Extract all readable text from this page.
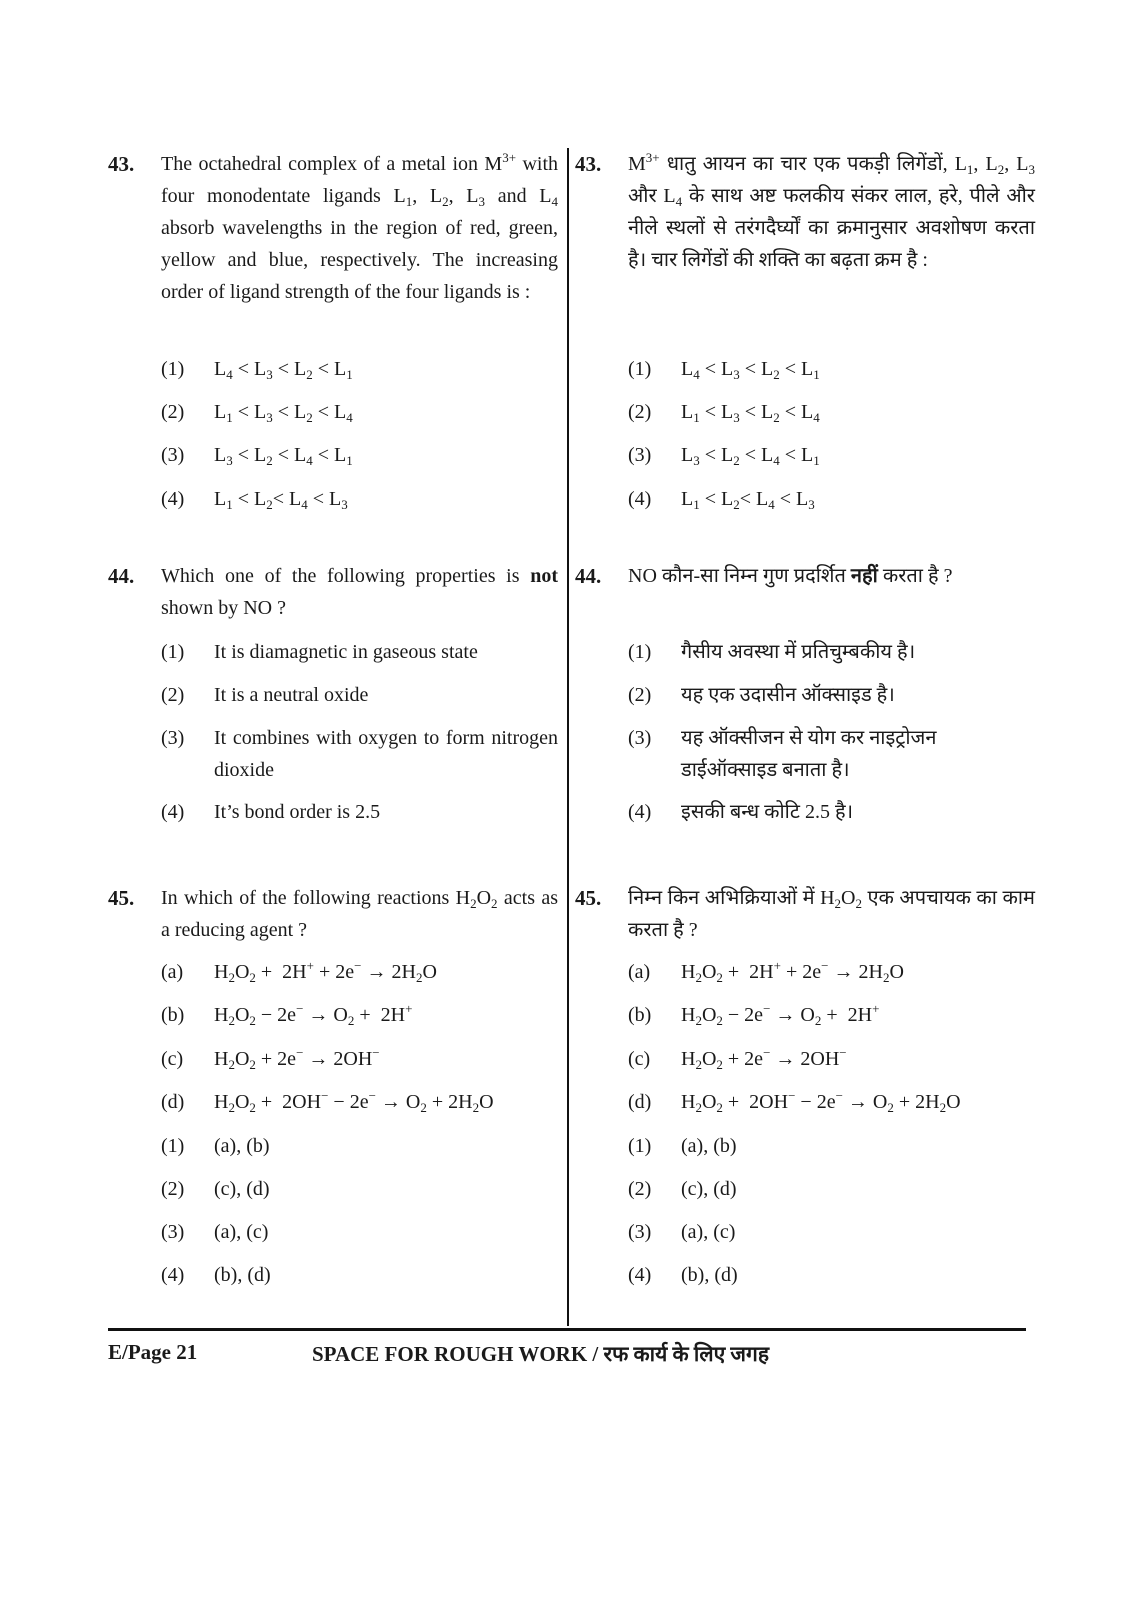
43. The octahedral complex of a metal ion $M^{3+}$ with four monodentate ligands $L_1$, $L_2$, $L_3$ and $L_4$ absorb wavelengths in the region of red, green, yellow and blue, respectively. The increasing order of ligand strength of the four ligands is :
(1) $L_4 < L_3 < L_2 < L_1$
(2) $L_1 < L_3 < L_2 < L_4$
(3) $L_3 < L_2 < L_4 < L_1$
(4) $L_1 < L_2< L_4 < L_3$
44. Which one of the following properties is not shown by NO ?
(1) It is diamagnetic in gaseous state
(2) It is a neutral oxide
(3) It combines with oxygen to form nitrogen dioxide
(4) It’s bond order is 2.5
45. In which of the following reactions $H_2O_2$ acts as a reducing agent ?
(a) $H_2O_2 + 2H^+ + 2e^- \to 2H_2O$
(b) $H_2O_2 - 2e^- \to O_2 + 2H^+$
(c) $H_2O_2 + 2e^- \to 2OH^-$
(d) $H_2O_2 + 2OH^- - 2e^- \to O_2 + 2H_2O$
(1) (a), (b)
(2) (c), (d)
(3) (a), (c)
(4) (b), (d)
43. $M^{3+}$ धातु आयन का चार एक पकड़ी लिगेंडों, $L_1$, $L_2$, $L_3$ और $L_4$ के साथ अष्ट फलकीय संकर लाल, हरे, पीले और नीले स्थलों से तरंगदैर्घ्यों का क्रमानुसार अवशोषण करता है। चार लिगेंडों की शक्ति का बढ़ता क्रम है :
(1) $L_4 < L_3 < L_2 < L_1$
(2) $L_1 < L_3 < L_2 < L_4$
(3) $L_3 < L_2 < L_4 < L_1$
(4) $L_1 < L_2< L_4 < L_3$
44. NO कौन-सा निम्न गुण प्रदर्शित नहीं करता है ?
(1) गैसीय अवस्था में प्रतिचुम्बकीय है।
(2) यह एक उदासीन ऑक्साइड है।
(3) यह ऑक्सीजन से योग कर नाइट्रोजन डाईऑक्साइड बनाता है।
(4) इसकी बन्ध कोटि 2.5 है।
45. निम्न किन अभिक्रियाओं में $H_2O_2$ एक अपचायक का काम करता है ?
(a) $H_2O_2 + 2H^+ + 2e^- \to 2H_2O$
(b) $H_2O_2 - 2e^- \to O_2 + 2H^+$
(c) $H_2O_2 + 2e^- \to 2OH^-$
(d) $H_2O_2 + 2OH^- - 2e^- \to O_2 + 2H_2O$
(1) (a), (b)
(2) (c), (d)
(3) (a), (c)
(4) (b), (d)
E/Page 21	SPACE FOR ROUGH WORK / रफ कार्य के लिए जगह
